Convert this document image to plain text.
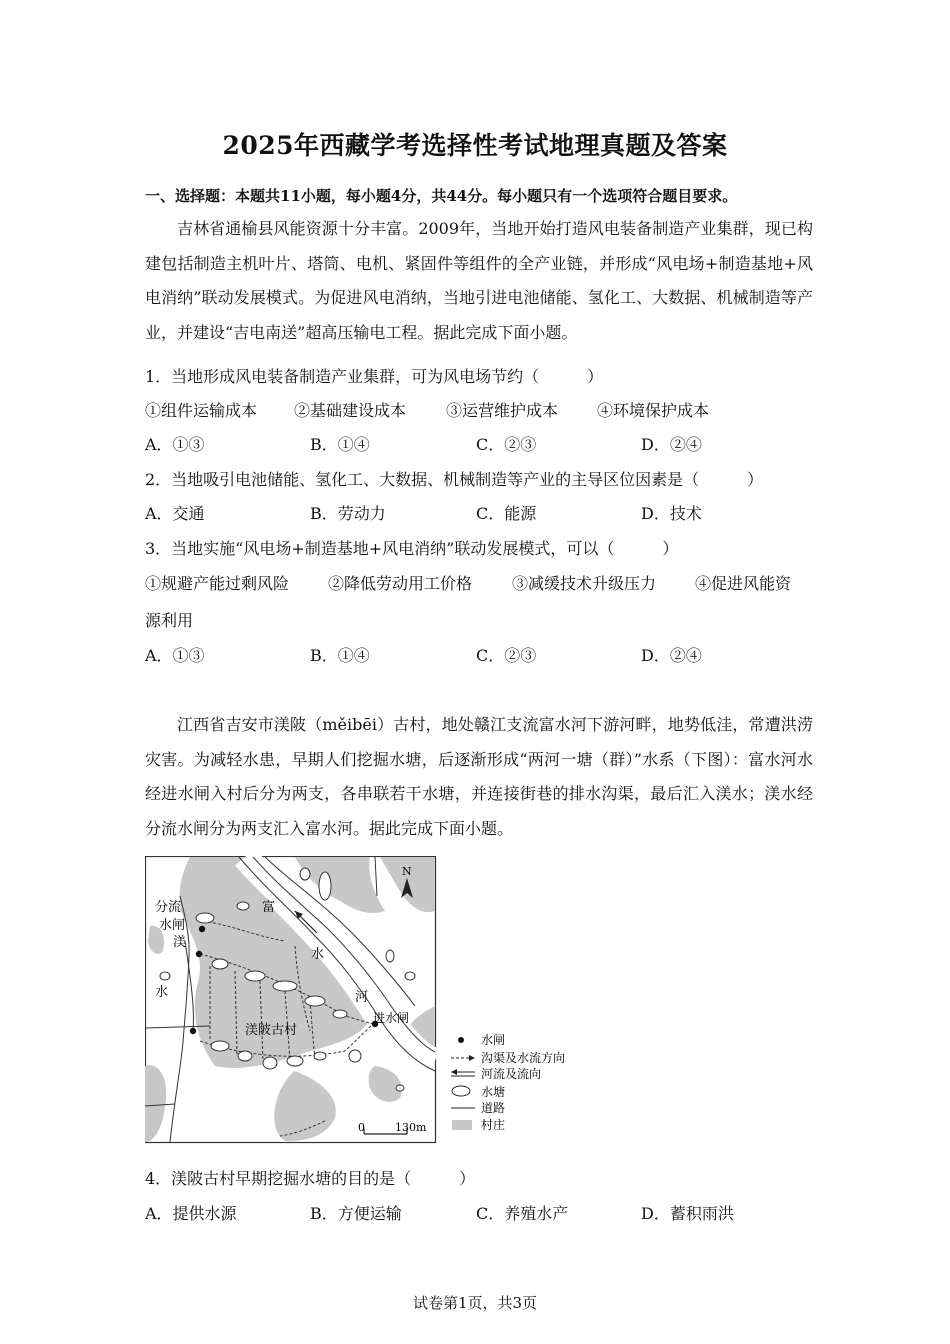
2025年西藏学考选择性考试地理真题及答案
一、选择题：本题共11小题，每小题4分，共44分。每小题只有一个选项符合题目要求。
吉林省通榆县风能资源十分丰富。2009年，当地开始打造风电装备制造产业集群，现已构建包括制造主机叶片、塔筒、电机、紧固件等组件的全产业链，并形成“风电场+制造基地+风电消纳”联动发展模式。为促进风电消纳，当地引进电池储能、氢化工、大数据、机械制造等产业，并建设“吉电南送”超高压输电工程。据此完成下面小题。
1．当地形成风电装备制造产业集群，可为风电场节约（　　　）
①组件运输成本 ②基础建设成本 ③运营维护成本 ④环境保护成本
A．①③	B．①④	C．②③	D．②④
2．当地吸引电池储能、氢化工、大数据、机械制造等产业的主导区位因素是（　　　）
A．交通	B．劳动力	C．能源	D．技术
3．当地实施“风电场+制造基地+风电消纳”联动发展模式，可以（　　　）
①规避产能过剩风险 ②降低劳动用工价格 ③减缓技术升级压力 ④促进风能资
源利用
A．①③	B．①④	C．②③	D．②④
江西省吉安市渼陂（měibēi）古村，地处赣江支流富水河下游河畔，地势低洼，常遭洪涝灾害。为减轻水患，早期人们挖掘水塘，后逐渐形成“两河一塘（群）”水系（下图）：富水河水经进水闸入村后分为两支，各串联若干水塘，并连接街巷的排水沟渠，最后汇入渼水；渼水经分流水闸分为两支汇入富水河。据此完成下面小题。
N
分流
水闸
渼
水
富
水
河
进水闸
渼陂古村
0	130m
水闸
沟渠及水流方向
河流及流向
水塘
道路
村庄
4．渼陂古村早期挖掘水塘的目的是（　　　）
A．提供水源	B．方便运输	C．养殖水产	D．蓄积雨洪
试卷第1页，共3页
